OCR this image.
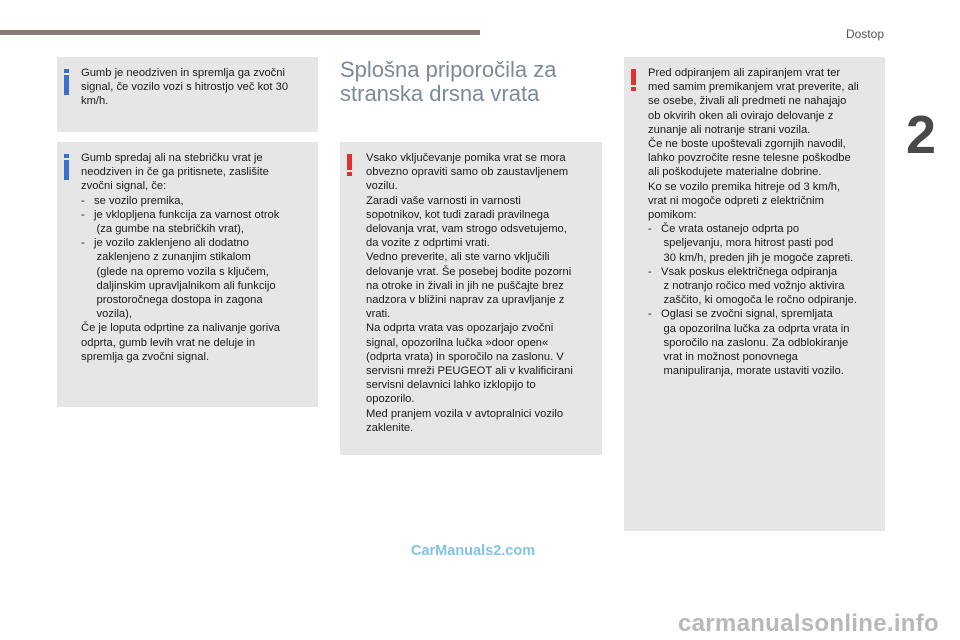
Dostop
2
Gumb je neodziven in spremlja ga zvočni
signal, če vozilo vozi s hitrostjo več kot 30
km/h.
Gumb spredaj ali na stebričku vrat je
neodziven in če ga pritisnete, zaslišite
zvočni signal, če:
-   se vozilo premika,
-   je vklopljena funkcija za varnost otrok
(za gumbe na stebričkih vrat),
-   je vozilo zaklenjeno ali dodatno
zaklenjeno z zunanjim stikalom
(glede na opremo vozila s ključem,
daljinskim upravljalnikom ali funkcijo
prostoročnega dostopa in zagona
vozila),
Če je loputa odprtine za nalivanje goriva
odprta, gumb levih vrat ne deluje in
spremlja ga zvočni signal.
Splošna priporočila za stranska drsna vrata
Vsako vključevanje pomika vrat se mora
obvezno opraviti samo ob zaustavljenem
vozilu.
Zaradi vaše varnosti in varnosti
sopotnikov, kot tudi zaradi pravilnega
delovanja vrat, vam strogo odsvetujemo,
da vozite z odprtimi vrati.
Vedno preverite, ali ste varno vključili
delovanje vrat. Še posebej bodite pozorni
na otroke in živali in jih ne puščajte brez
nadzora v bližini naprav za upravljanje z
vrati.
Na odprta vrata vas opozarjajo zvočni
signal, opozorilna lučka »door open«
(odprta vrata) in sporočilo na zaslonu. V
servisni mreži PEUGEOT ali v kvalificirani
servisni delavnici lahko izklopijo to
opozorilo.
Med pranjem vozila v avtopralnici vozilo
zaklenite.
Pred odpiranjem ali zapiranjem vrat ter
med samim premikanjem vrat preverite, ali
se osebe, živali ali predmeti ne nahajajo
ob okvirih oken ali ovirajo delovanje z
zunanje ali notranje strani vozila.
Če ne boste upoštevali zgornjih navodil,
lahko povzročite resne telesne poškodbe
ali poškodujete materialne dobrine.
Ko se vozilo premika hitreje od 3 km/h,
vrat ni mogoče odpreti z električnim
pomikom:
-   Če vrata ostanejo odprta po
speljevanju, mora hitrost pasti pod
30 km/h, preden jih je mogoče zapreti.
-   Vsak poskus električnega odpiranja
z notranjo ročico med vožnjo aktivira
zaščito, ki omogoča le ročno odpiranje.
-   Oglasi se zvočni signal, spremljata
ga opozorilna lučka za odprta vrata in
sporočilo na zaslonu. Za odblokiranje
vrat in možnost ponovnega
manipuliranja, morate ustaviti vozilo.
CarManuals2.com
carmanualsonline.info
